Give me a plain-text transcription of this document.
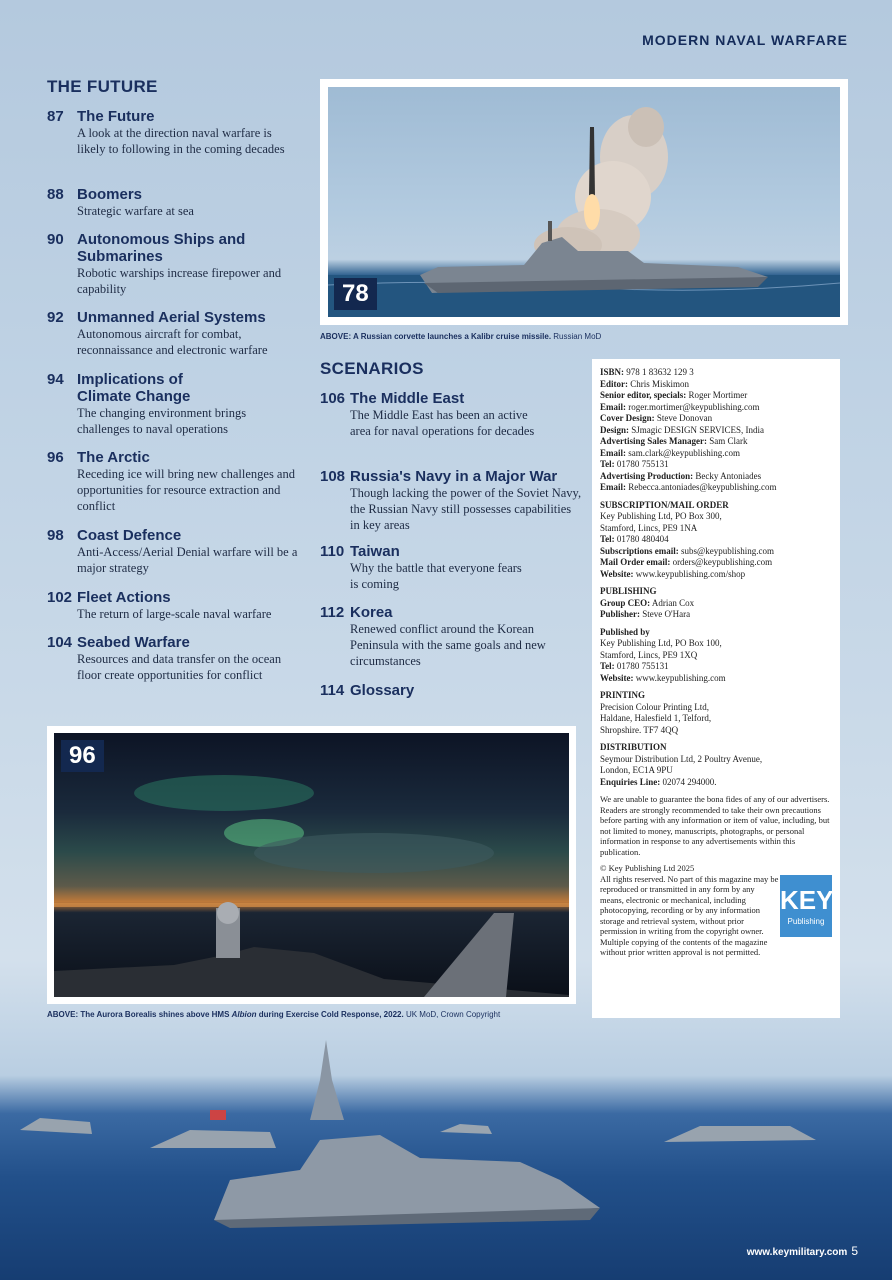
MODERN NAVAL WARFARE
THE FUTURE
87 The Future
A look at the direction naval warfare is likely to following in the coming decades
88 Boomers
Strategic warfare at sea
90 Autonomous Ships and Submarines
Robotic warships increase firepower and capability
92 Unmanned Aerial Systems
Autonomous aircraft for combat, reconnaissance and electronic warfare
94 Implications of Climate Change
The changing environment brings challenges to naval operations
96 The Arctic
Receding ice will bring new challenges and opportunities for resource extraction and conflict
98 Coast Defence
Anti-Access/Aerial Denial warfare will be a major strategy
102 Fleet Actions
The return of large-scale naval warfare
104 Seabed Warfare
Resources and data transfer on the ocean floor create opportunities for conflict
78
ABOVE: A Russian corvette launches a Kalibr cruise missile. Russian MoD
SCENARIOS
106 The Middle East
The Middle East has been an active area for naval operations for decades
108 Russia's Navy in a Major War
Though lacking the power of the Soviet Navy, the Russian Navy still possesses capabilities in key areas
110 Taiwan
Why the battle that everyone fears is coming
112 Korea
Renewed conflict around the Korean Peninsula with the same goals and new circumstances
114 Glossary
ISBN: 978 1 83632 129 3
Editor: Chris Miskimon
Senior editor, specials: Roger Mortimer
Email: roger.mortimer@keypublishing.com
Cover Design: Steve Donovan
Design: SJmagic DESIGN SERVICES, India
Advertising Sales Manager: Sam Clark
Email: sam.clark@keypublishing.com
Tel: 01780 755131
Advertising Production: Becky Antoniades
Email: Rebecca.antoniades@keypublishing.com
SUBSCRIPTION/MAIL ORDER
Key Publishing Ltd, PO Box 300,
Stamford, Lincs, PE9 1NA
Tel: 01780 480404
Subscriptions email: subs@keypublishing.com
Mail Order email: orders@keypublishing.com
Website: www.keypublishing.com/shop
PUBLISHING
Group CEO: Adrian Cox
Publisher: Steve O'Hara
Published by
Key Publishing Ltd, PO Box 100,
Stamford, Lincs, PE9 1XQ
Tel: 01780 755131
Website: www.keypublishing.com
PRINTING
Precision Colour Printing Ltd,
Haldane, Halesfield 1, Telford,
Shropshire. TF7 4QQ
DISTRIBUTION
Seymour Distribution Ltd, 2 Poultry Avenue,
London, EC1A 9PU
Enquiries Line: 02074 294000.
We are unable to guarantee the bona fides of any of our advertisers. Readers are strongly recommended to take their own precautions before parting with any information or item of value, including, but not limited to money, manuscripts, photographs, or personal information in response to any advertisements within this publication.
© Key Publishing Ltd 2025
All rights reserved. No part of this magazine may be
reproduced or transmitted in any form by any
means, electronic or mechanical, including
photocopying, recording or by any information
storage and retrieval system, without prior
permission in writing from the copyright owner.
Multiple copying of the contents of the magazine
without prior written approval is not permitted.
KEY
Publishing
96
ABOVE: The Aurora Borealis shines above HMS Albion during Exercise Cold Response, 2022. UK MoD, Crown Copyright
www.keymilitary.com 5
